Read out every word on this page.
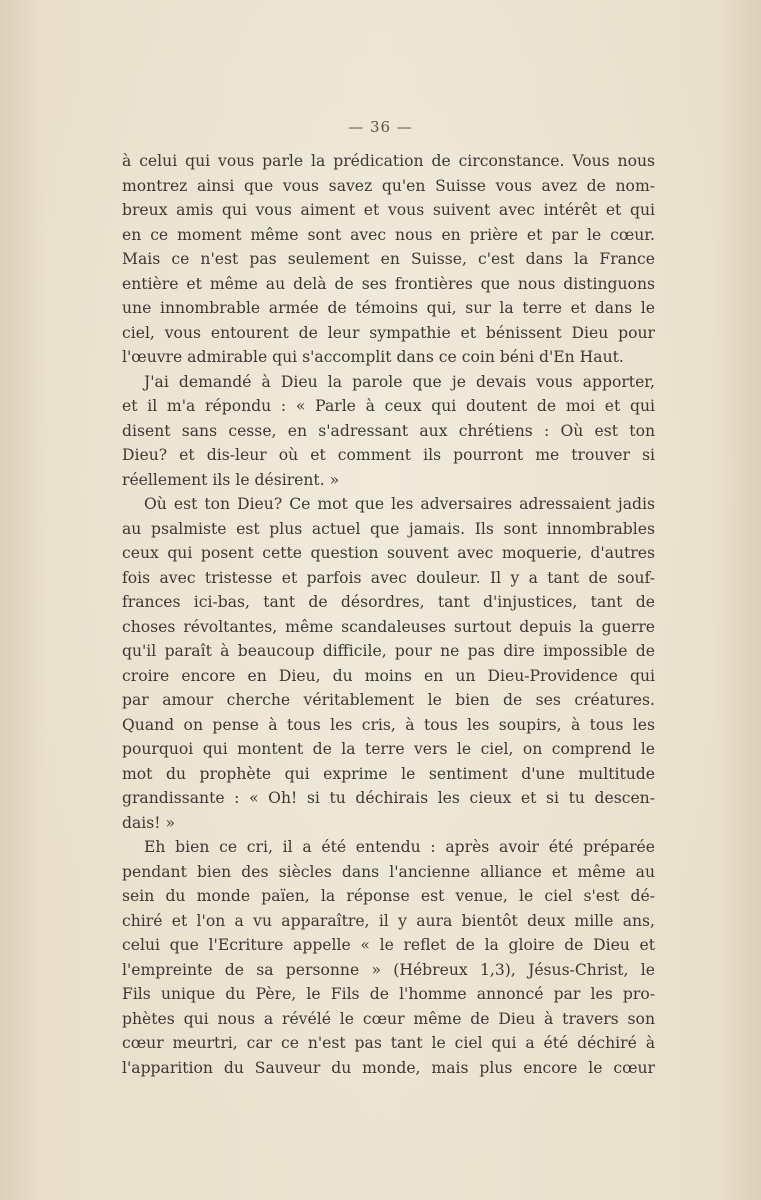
— 36 —
à celui qui vous parle la prédication de circonstance. Vous nous
montrez ainsi que vous savez qu'en Suisse vous avez de nom-
breux amis qui vous aiment et vous suivent avec intérêt et qui
en ce moment même sont avec nous en prière et par le cœur.
Mais ce n'est pas seulement en Suisse, c'est dans la France
entière et même au delà de ses frontières que nous distinguons
une innombrable armée de témoins qui, sur la terre et dans le
ciel, vous entourent de leur sympathie et bénissent Dieu pour
l'œuvre admirable qui s'accomplit dans ce coin béni d'En Haut.
J'ai demandé à Dieu la parole que je devais vous apporter,
et il m'a répondu : « Parle à ceux qui doutent de moi et qui
disent sans cesse, en s'adressant aux chrétiens : Où est ton
Dieu? et dis-leur où et comment ils pourront me trouver si
réellement ils le désirent. »
Où est ton Dieu? Ce mot que les adversaires adressaient jadis
au psalmiste est plus actuel que jamais. Ils sont innombrables
ceux qui posent cette question souvent avec moquerie, d'autres
fois avec tristesse et parfois avec douleur. Il y a tant de souf-
frances ici-bas, tant de désordres, tant d'injustices, tant de
choses révoltantes, même scandaleuses surtout depuis la guerre
qu'il paraît à beaucoup difficile, pour ne pas dire impossible de
croire encore en Dieu, du moins en un Dieu-Providence qui
par amour cherche véritablement le bien de ses créatures.
Quand on pense à tous les cris, à tous les soupirs, à tous les
pourquoi qui montent de la terre vers le ciel, on comprend le
mot du prophète qui exprime le sentiment d'une multitude
grandissante : « Oh! si tu déchirais les cieux et si tu descen-
dais! »
Eh bien ce cri, il a été entendu : après avoir été préparée
pendant bien des siècles dans l'ancienne alliance et même au
sein du monde païen, la réponse est venue, le ciel s'est dé-
chiré et l'on a vu apparaître, il y aura bientôt deux mille ans,
celui que l'Ecriture appelle « le reflet de la gloire de Dieu et
l'empreinte de sa personne » (Hébreux 1,3), Jésus-Christ, le
Fils unique du Père, le Fils de l'homme annoncé par les pro-
phètes qui nous a révélé le cœur même de Dieu à travers son
cœur meurtri, car ce n'est pas tant le ciel qui a été déchiré à
l'apparition du Sauveur du monde, mais plus encore le cœur
